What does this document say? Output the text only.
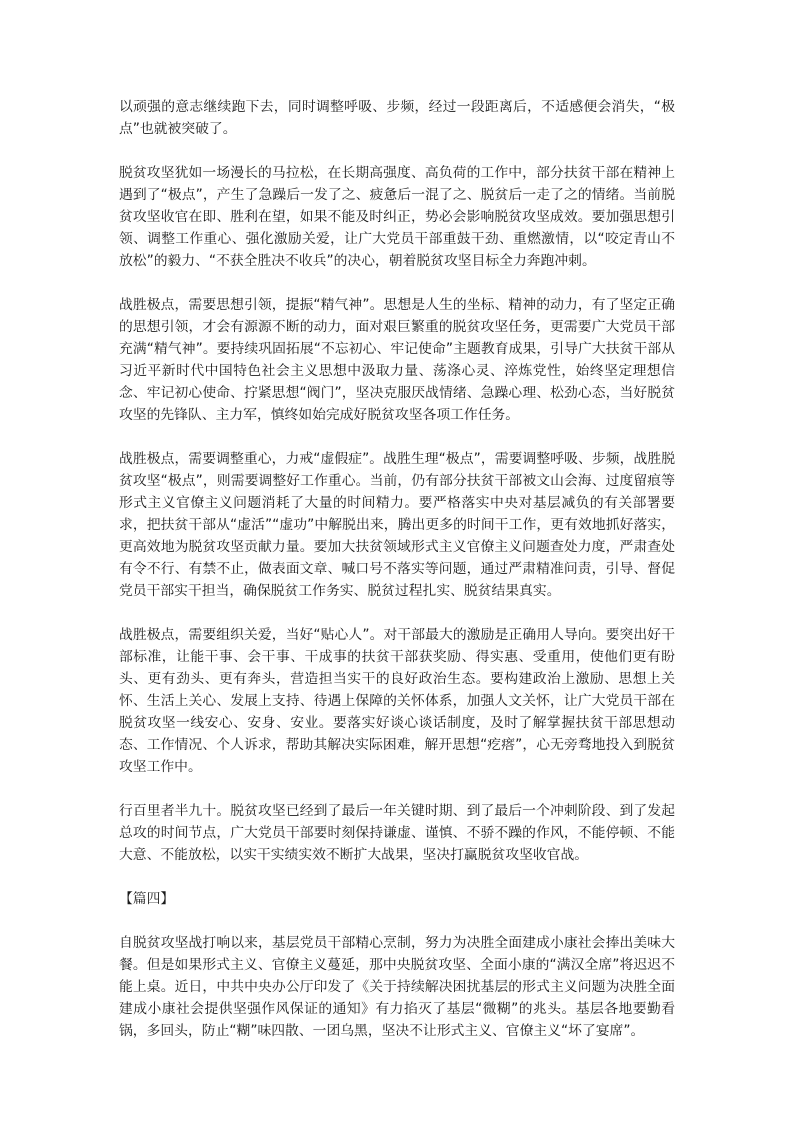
以顽强的意志继续跑下去，同时调整呼吸、步频，经过一段距离后，不适感便会消失，“极点”也就被突破了。

脱贫攻坚犹如一场漫长的马拉松，在长期高强度、高负荷的工作中，部分扶贫干部在精神上遇到了“极点”，产生了急躁后一发了之、疲惫后一混了之、脱贫后一走了之的情绪。当前脱贫攻坚收官在即、胜利在望，如果不能及时纠正，势必会影响脱贫攻坚成效。要加强思想引领、调整工作重心、强化激励关爱，让广大党员干部重鼓干劲、重燃激情，以“咬定青山不放松”的毅力、“不获全胜决不收兵”的决心，朝着脱贫攻坚目标全力奔跑冲刺。

战胜极点，需要思想引领，提振“精气神”。思想是人生的坐标、精神的动力，有了坚定正确的思想引领，才会有源源不断的动力，面对艰巨繁重的脱贫攻坚任务，更需要广大党员干部充满“精气神”。要持续巩固拓展“不忘初心、牢记使命”主题教育成果，引导广大扶贫干部从习近平新时代中国特色社会主义思想中汲取力量、荡涤心灵、淬炼党性，始终坚定理想信念、牢记初心使命、拧紧思想“阀门”，坚决克服厌战情绪、急躁心理、松劲心态，当好脱贫攻坚的先锋队、主力军，慎终如始完成好脱贫攻坚各项工作任务。

战胜极点，需要调整重心，力戒“虚假症”。战胜生理“极点”，需要调整呼吸、步频，战胜脱贫攻坚“极点”，则需要调整好工作重心。当前，仍有部分扶贫干部被文山会海、过度留痕等形式主义官僚主义问题消耗了大量的时间精力。要严格落实中央对基层减负的有关部署要求，把扶贫干部从“虚活”“虚功”中解脱出来，腾出更多的时间干工作，更有效地抓好落实，更高效地为脱贫攻坚贡献力量。要加大扶贫领域形式主义官僚主义问题查处力度，严肃查处有令不行、有禁不止，做表面文章、喊口号不落实等问题，通过严肃精准问责，引导、督促党员干部实干担当，确保脱贫工作务实、脱贫过程扎实、脱贫结果真实。

战胜极点，需要组织关爱，当好“贴心人”。对干部最大的激励是正确用人导向。要突出好干部标准，让能干事、会干事、干成事的扶贫干部获奖励、得实惠、受重用，使他们更有盼头、更有劲头、更有奔头，营造担当实干的良好政治生态。要构建政治上激励、思想上关怀、生活上关心、发展上支持、待遇上保障的关怀体系，加强人文关怀，让广大党员干部在脱贫攻坚一线安心、安身、安业。要落实好谈心谈话制度，及时了解掌握扶贫干部思想动态、工作情况、个人诉求，帮助其解决实际困难，解开思想“疙瘩”，心无旁骛地投入到脱贫攻坚工作中。

行百里者半九十。脱贫攻坚已经到了最后一年关键时期、到了最后一个冲刺阶段、到了发起总攻的时间节点，广大党员干部要时刻保持谦虚、谨慎、不骄不躁的作风，不能停顿、不能大意、不能放松，以实干实绩实效不断扩大战果，坚决打赢脱贫攻坚收官战。

【篇四】

自脱贫攻坚战打响以来，基层党员干部精心烹制，努力为决胜全面建成小康社会捧出美味大餐。但是如果形式主义、官僚主义蔓延，那中央脱贫攻坚、全面小康的“满汉全席”将迟迟不能上桌。近日，中共中央办公厅印发了《关于持续解决困扰基层的形式主义问题为决胜全面建成小康社会提供坚强作风保证的通知》有力掐灭了基层“微糊”的兆头。基层各地要勤看锅，多回头，防止“糊”味四散、一团乌黑，坚决不让形式主义、官僚主义“坏了宴席”。
